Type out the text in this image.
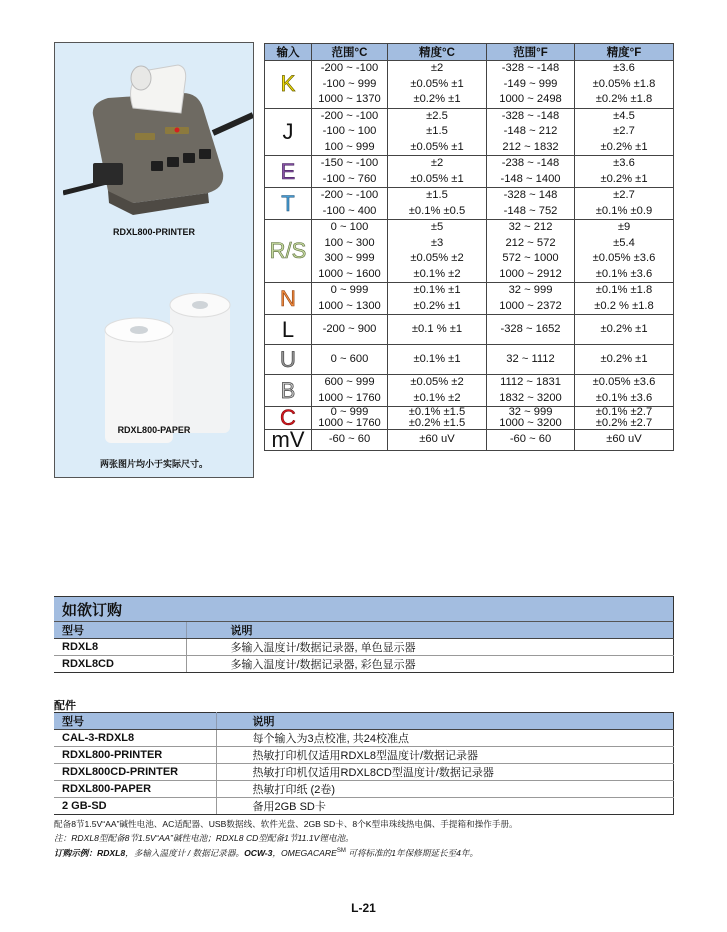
RDXL800-PRINTER
RDXL800-PAPER
两张图片均小于实际尺寸。
输入	范围°C	精度°C	范围°F	精度°F
K	-200 ~ -100	±2	-328 ~ -148	±3.6
	-100 ~ 999	±0.05% ±1	-149 ~ 999	±0.05% ±1.8
	1000 ~ 1370	±0.2% ±1	1000 ~ 2498	±0.2% ±1.8
J	-200 ~ -100	±2.5	-328 ~ -148	±4.5
	-100 ~ 100	±1.5	-148 ~ 212	±2.7
	100 ~ 999	±0.05% ±1	212 ~ 1832	±0.2% ±1
E	-150 ~ -100	±2	-238 ~ -148	±3.6
	-100 ~ 760	±0.05% ±1	-148 ~ 1400	±0.2% ±1
T	-200 ~ -100	±1.5	-328 ~ 148	±2.7
	-100 ~ 400	±0.1% ±0.5	-148 ~ 752	±0.1% ±0.9
R/S	0 ~ 100	±5	32 ~ 212	±9
	100 ~ 300	±3	212 ~ 572	±5.4
	300 ~ 999	±0.05% ±2	572 ~ 1000	±0.05% ±3.6
	1000 ~ 1600	±0.1% ±2	1000 ~ 2912	±0.1% ±3.6
N	0 ~ 999	±0.1% ±1	32 ~ 999	±0.1% ±1.8
	1000 ~ 1300	±0.2% ±1	1000 ~ 2372	±0.2 % ±1.8
L	-200 ~ 900	±0.1 % ±1	-328 ~ 1652	±0.2% ±1
U	0 ~ 600	±0.1% ±1	32 ~ 1112	±0.2% ±1
B	600 ~ 999	±0.05% ±2	1112 ~ 1831	±0.05% ±3.6
	1000 ~ 1760	±0.1% ±2	1832 ~ 3200	±0.1% ±3.6
C	0 ~ 999	±0.1% ±1.5	32 ~ 999	±0.1% ±2.7
	1000 ~ 1760	±0.2% ±1.5	1000 ~ 3200	±0.2% ±2.7
mV	-60 ~ 60	±60 uV	-60 ~ 60	±60 uV
如欲订购	
型号	说明
RDXL8	多输入温度计/数据记录器, 单色显示器
RDXL8CD	多输入温度计/数据记录器, 彩色显示器
配件
型号	说明
CAL-3-RDXL8	每个输入为3点校准, 共24校准点
RDXL800-PRINTER	热敏打印机仅适用RDXL8型温度计/数据记录器
RDXL800CD-PRINTER	热敏打印机仅适用RDXL8CD型温度计/数据记录器
RDXL800-PAPER	热敏打印纸 (2卷)
2 GB-SD	备用2GB SD卡
配备8节1.5V“AA”碱性电池、AC适配器、USB数据线、软件光盘、2GB SD卡、8个K型串珠线热电偶、手提箱和操作手册。
注：RDXL8型配备8节1.5V“AA”碱性电池；RDXL8 CD型配备1节11.1V锂电池。
订购示例：RDXL8，多输入温度计 / 数据记录器。OCW-3，OMEGACARE℠ 可将标准的1年保修期延长至4年。
L-21
